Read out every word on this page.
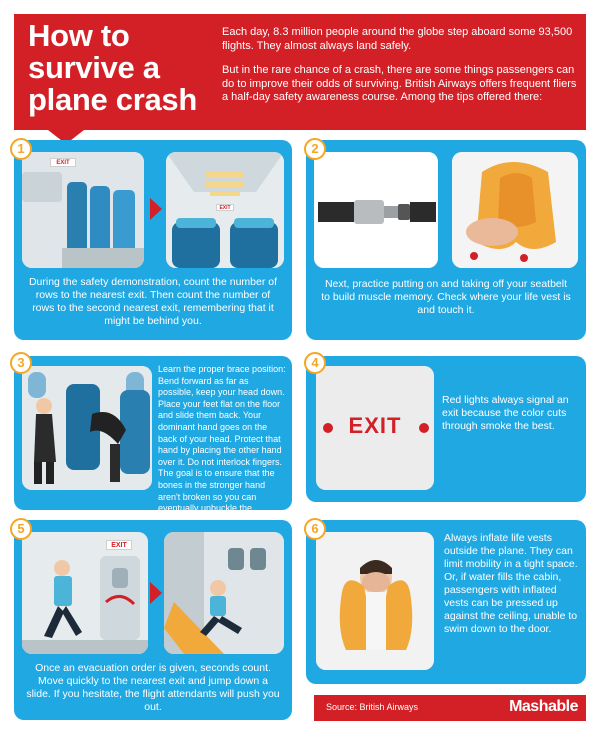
How to
survive a
plane crash

Each day, 8.3 million people around the globe step aboard some 93,500 flights. They almost always land safely.

But in the rare chance of a crash, there are some things passengers can do to improve their odds of surviving. British Airways offers frequent fliers a half-day safety awareness course. Among the tips offered there:

EXIT
EXIT
During the safety demonstration, count the number of rows to the nearest exit. Then count the number of rows to the second nearest exit, remembering that it might be behind you.
1
Next, practice putting on and taking off your seatbelt to build muscle memory. Check where your life vest is and touch it.
2
Learn the proper brace position: Bend forward as far as possible, keep your head down. Place your feet flat on the floor and slide them back. Your dominant hand goes on the back of your head. Protect that hand by placing the other hand over it. Do not interlock fingers. The goal is to ensure that the bones in the stronger hand aren't broken so you can eventually unbuckle the
3
EXIT
Red lights always signal an exit because the color cuts through smoke the best.
4
EXIT
Once an evacuation order is given, seconds count. Move quickly to the nearest exit and jump down a slide. If you hesitate, the flight attendants will push you out.
5
Always inflate life vests outside the plane. They can limit mobility in a tight space. Or, if water fills the cabin, passengers with inflated vests can be pressed up against the ceiling, unable to swim down to the door.
6
Source: British Airways	Mashable
